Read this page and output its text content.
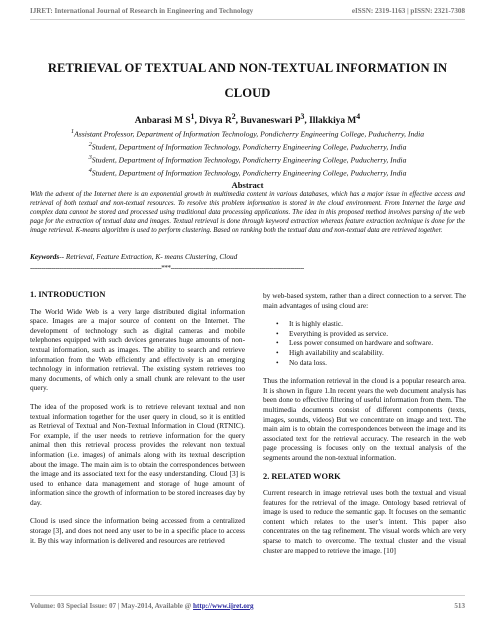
IJRET: International Journal of Research in Engineering and Technology	eISSN: 2319-1163 | pISSN: 2321-7308
RETRIEVAL OF TEXTUAL AND NON-TEXTUAL INFORMATION IN CLOUD
Anbarasi M $S^1$, Divya $R^2$, Buvaneswari $P^3$, Illakkiya $M^4$
$^1$Assistant Professor, Department of Information Technology, Pondicherry Engineering College, Puducherry, India
$^2$Student, Department of Information Technology, Pondicherry Engineering College, Puducherry, India
$^3$Student, Department of Information Technology, Pondicherry Engineering College, Puducherry, India
$^4$Student, Department of Information Technology, Pondicherry Engineering College, Puducherry, India
Abstract
With the advent of the Internet there is an exponential growth in multimedia content in various databases, which has a major issue in effective access and retrieval of both textual and non-textual resources. To resolve this problem information is stored in the cloud environment. From Internet the large and complex data cannot be stored and processed using traditional data processing applications. The idea in this proposed method involves parsing of the web page for the extraction of textual data and images. Textual retrieval is done through keyword extraction whereas feature extraction technique is done for the image retrieval. K-means algorithm is used to perform clustering. Based on ranking both the textual data and non-textual data are retrieved together.
Keywords-- Retrieval, Feature Extraction, K- means Clustering, Cloud
--------------------------------------------------------------------***---------------------------------------------------------------------
1. INTRODUCTION

The World Wide Web is a very large distributed digital information space. Images are a major source of content on the Internet. The development of technology such as digital cameras and mobile telephones equipped with such devices generates huge amounts of non-textual information, such as images. The ability to search and retrieve information from the Web efficiently and effectively is an emerging technology in information retrieval. The existing system retrieves too many documents, of which only a small chunk are relevant to the user query.

The idea of the proposed work is to retrieve relevant textual and non textual information together for the user query in cloud, so it is entitled as Retrieval of Textual and Non-Textual Information in Cloud (RTNIC). For example, if the user needs to retrieve information for the query animal then this retrieval process provides the relevant non textual information (i.e. images) of animals along with its textual description about the image. The main aim is to obtain the correspondences between the image and its associated text for the easy understanding. Cloud [3] is used to enhance data management and storage of huge amount of information since the growth of information to be stored increases day by day.

Cloud is used since the information being accessed from a centralized storage [3], and does not need any user to be in a specific place to access it. By this way information is delivered and resources are retrieved

by web-based system, rather than a direct connection to a server. The main advantages of using cloud are:

• It is highly elastic.
• Everything is provided as service.
• Less power consumed on hardware and software.
• High availability and scalability.
• No data loss.

Thus the information retrieval in the cloud is a popular research area. It is shown in figure 1.In recent years the web document analysis has been done to effective filtering of useful information from them. The multimedia documents consist of different components (texts, images, sounds, videos) But we concentrate on image and text. The main aim is to obtain the correspondences between the image and its associated text for the retrieval accuracy. The research in the web page processing is focuses only on the textual analysis of the segments around the non-textual information.

2. RELATED WORK

Current research in image retrieval uses both the textual and visual features for the retrieval of the image. Ontology based retrieval of image is used to reduce the semantic gap. It focuses on the semantic content which relates to the user’s intent. This paper also concentrates on the tag refinement. The visual words which are very sparse to match to overcome. The textual cluster and the visual cluster are mapped to retrieve the image. [10]

Volume: 03 Special Issue: 07 | May-2014, Available @ http://www.ijret.org	513
